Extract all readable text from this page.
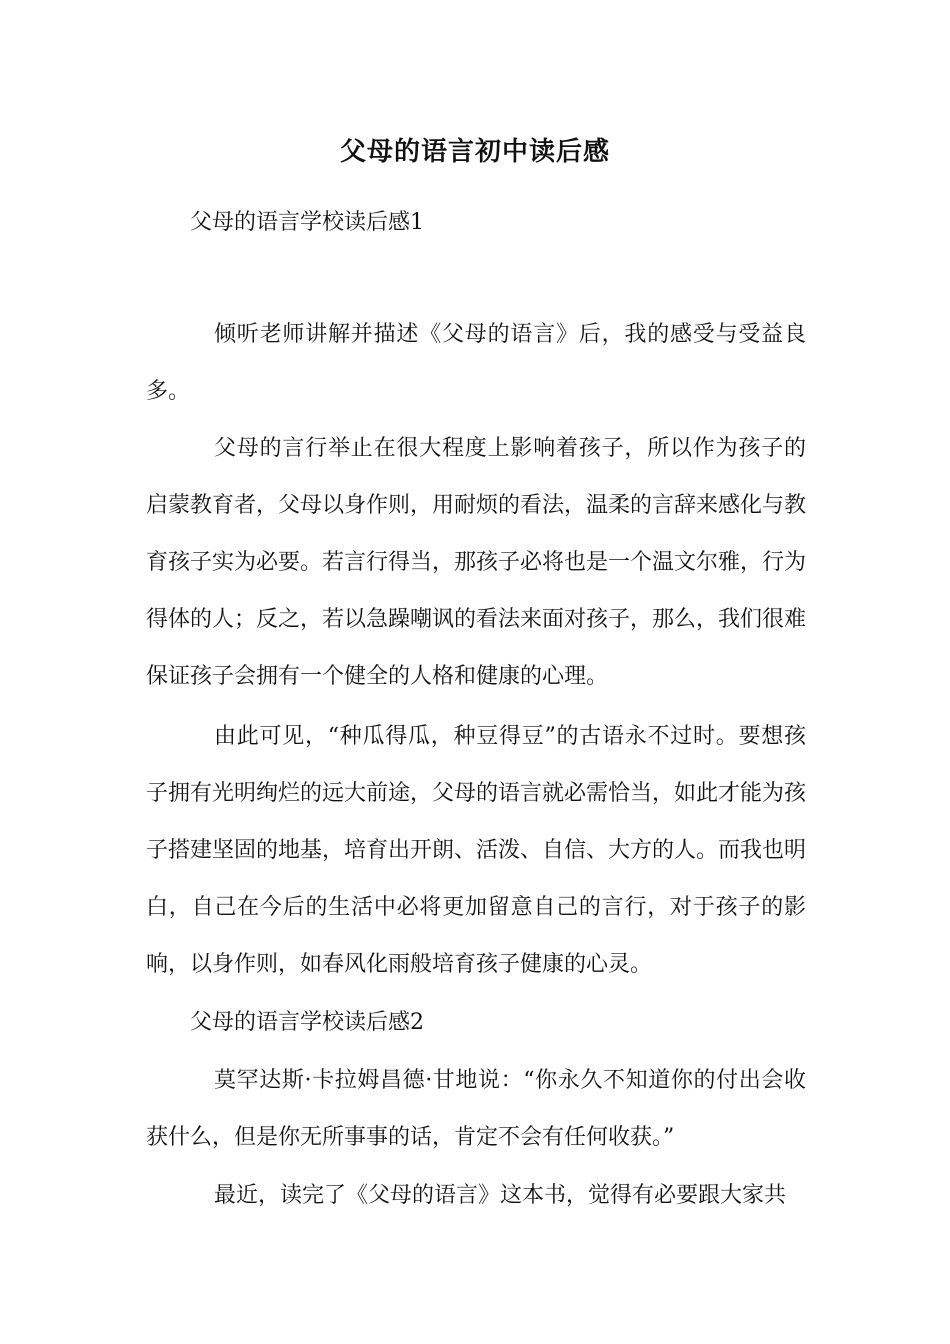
父母的语言初中读后感
父母的语言学校读后感1

倾听老师讲解并描述《父母的语言》后，我的感受与受益良多。

父母的言行举止在很大程度上影响着孩子，所以作为孩子的启蒙教育者，父母以身作则，用耐烦的看法，温柔的言辞来感化与教育孩子实为必要。若言行得当，那孩子必将也是一个温文尔雅，行为得体的人；反之，若以急躁嘲讽的看法来面对孩子，那么，我们很难保证孩子会拥有一个健全的人格和健康的心理。

由此可见，“种瓜得瓜，种豆得豆”的古语永不过时。要想孩子拥有光明绚烂的远大前途，父母的语言就必需恰当，如此才能为孩子搭建坚固的地基，培育出开朗、活泼、自信、大方的人。而我也明白，自己在今后的生活中必将更加留意自己的言行，对于孩子的影响，以身作则，如春风化雨般培育孩子健康的心灵。

父母的语言学校读后感2

莫罕达斯·卡拉姆昌德·甘地说：“你永久不知道你的付出会收获什么，但是你无所事事的话，肯定不会有任何收获。”

最近，读完了《父母的语言》这本书，觉得有必要跟大家共
